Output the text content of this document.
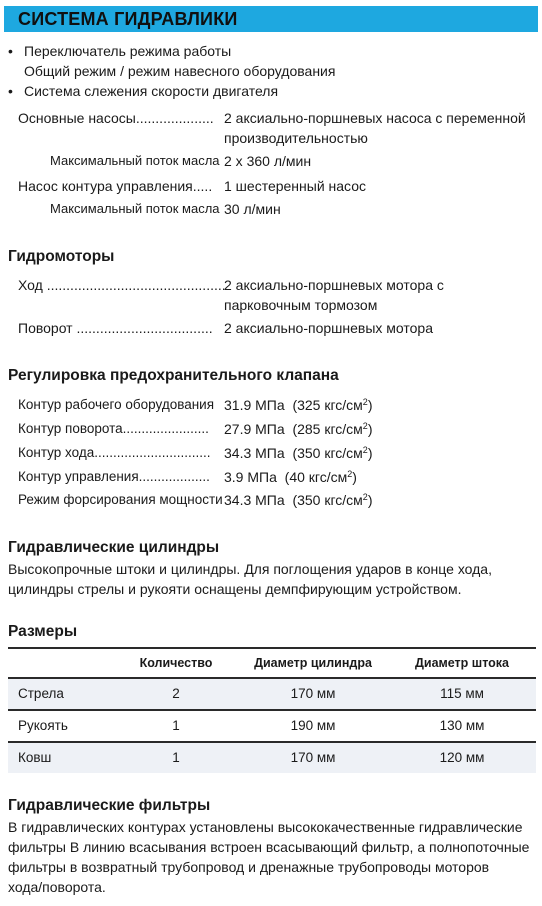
СИСТЕМА ГИДРАВЛИКИ
• Переключатель режима работы
Общий режим / режим навесного оборудования
• Система слежения скорости двигателя
Основные насосы.................... 2 аксиально-поршневых насоса с переменной
производительностью
Максимальный поток масла 2 x 360 л/мин
Насос контура управления..... 1 шестеренный насос
Максимальный поток масла 30 л/мин
Гидромоторы
Ход ..............................................
2 аксиально-поршневых мотора с
парковочным тормозом
Поворот ................................... 2 аксиально-поршневых мотора
Регулировка предохранительного клапана
Контур рабочего оборудования 31.9 МПа (325 кгс/$см^2$)
Контур поворота....................... 27.9 МПа (285 кгс/$см^2$)
Контур хода............................... 34.3 МПа (350 кгс/$см^2$)
Контур управления................... 3.9 МПа (40 кгс/$см^2$)
Режим форсирования мощности 34.3 МПа (350 кгс/$см^2$)
Гидравлические цилиндры
Высокопрочные штоки и цилиндры. Для поглощения ударов в конце хода,
цилиндры стрелы и рукояти оснащены демпфирующим устройством.
Размеры
	Количество	Диаметр цилиндра	Диаметр штока
Стрела	2	170 мм	115 мм
Рукоять	1	190 мм	130 мм
Ковш	1	170 мм	120 мм
Гидравлические фильтры
В гидравлических контурах установлены высококачественные гидравлические
фильтры В линию всасывания встроен всасывающий фильтр, а полнопоточные
фильтры в возвратный трубопровод и дренажные трубопроводы моторов
хода/поворота.
